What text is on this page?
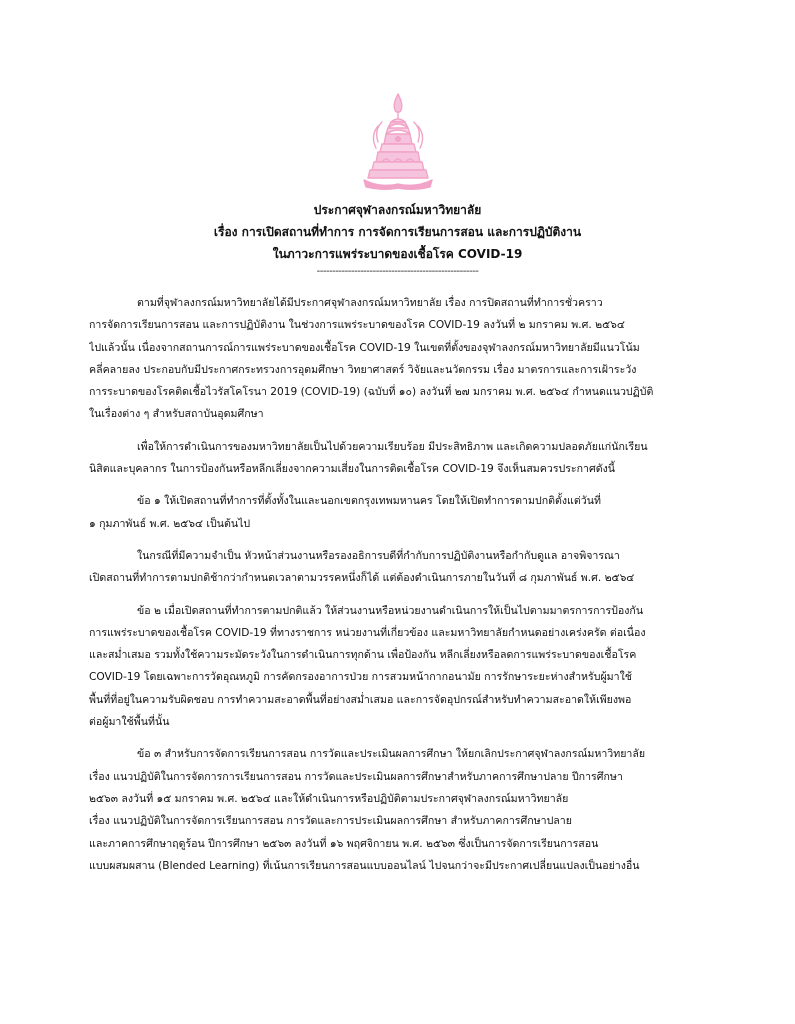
ประกาศจุฬาลงกรณ์มหาวิทยาลัย
เรื่อง การเปิดสถานที่ทำการ การจัดการเรียนการสอน และการปฏิบัติงาน
ในภาวะการแพร่ระบาดของเชื้อโรค COVID-19
----------------------------------------------------
ตามที่จุฬาลงกรณ์มหาวิทยาลัยได้มีประกาศจุฬาลงกรณ์มหาวิทยาลัย เรื่อง การปิดสถานที่ทำการชั่วคราว
การจัดการเรียนการสอน และการปฏิบัติงาน ในช่วงการแพร่ระบาดของโรค COVID-19 ลงวันที่ ๒ มกราคม พ.ศ. ๒๕๖๔
ไปแล้วนั้น เนื่องจากสถานการณ์การแพร่ระบาดของเชื้อโรค COVID-19 ในเขตที่ตั้งของจุฬาลงกรณ์มหาวิทยาลัยมีแนวโน้ม
คลี่คลายลง ประกอบกับมีประกาศกระทรวงการอุดมศึกษา วิทยาศาสตร์ วิจัยและนวัตกรรม เรื่อง มาตรการและการเฝ้าระวัง
การระบาดของโรคติดเชื้อไวรัสโคโรนา 2019 (COVID-19) (ฉบับที่ ๑๐) ลงวันที่ ๒๗ มกราคม พ.ศ. ๒๕๖๔ กำหนดแนวปฏิบัติ
ในเรื่องต่าง ๆ สำหรับสถาบันอุดมศึกษา
เพื่อให้การดำเนินการของมหาวิทยาลัยเป็นไปด้วยความเรียบร้อย มีประสิทธิภาพ และเกิดความปลอดภัยแก่นักเรียน
นิสิตและบุคลากร ในการป้องกันหรือหลีกเลี่ยงจากความเสี่ยงในการติดเชื้อโรค COVID-19 จึงเห็นสมควรประกาศดังนี้
ข้อ ๑ ให้เปิดสถานที่ทำการที่ตั้งทั้งในและนอกเขตกรุงเทพมหานคร โดยให้เปิดทำการตามปกติตั้งแต่วันที่
๑ กุมภาพันธ์ พ.ศ. ๒๕๖๔ เป็นต้นไป
ในกรณีที่มีความจำเป็น หัวหน้าส่วนงานหรือรองอธิการบดีที่กำกับการปฏิบัติงานหรือกำกับดูแล อาจพิจารณา
เปิดสถานที่ทำการตามปกติช้ากว่ากำหนดเวลาตามวรรคหนึ่งก็ได้ แต่ต้องดำเนินการภายในวันที่ ๘ กุมภาพันธ์ พ.ศ. ๒๕๖๔
ข้อ ๒ เมื่อเปิดสถานที่ทำการตามปกติแล้ว ให้ส่วนงานหรือหน่วยงานดำเนินการให้เป็นไปตามมาตรการการป้องกัน
การแพร่ระบาดของเชื้อโรค COVID-19 ที่ทางราชการ หน่วยงานที่เกี่ยวข้อง และมหาวิทยาลัยกำหนดอย่างเคร่งครัด ต่อเนื่อง
และสม่ำเสมอ รวมทั้งใช้ความระมัดระวังในการดำเนินการทุกด้าน เพื่อป้องกัน หลีกเลี่ยงหรือลดการแพร่ระบาดของเชื้อโรค
COVID-19 โดยเฉพาะการวัดอุณหภูมิ การคัดกรองอาการป่วย การสวมหน้ากากอนามัย การรักษาระยะห่างสำหรับผู้มาใช้
พื้นที่ที่อยู่ในความรับผิดชอบ การทำความสะอาดพื้นที่อย่างสม่ำเสมอ และการจัดอุปกรณ์สำหรับทำความสะอาดให้เพียงพอ
ต่อผู้มาใช้พื้นที่นั้น
ข้อ ๓ สำหรับการจัดการเรียนการสอน การวัดและประเมินผลการศึกษา ให้ยกเลิกประกาศจุฬาลงกรณ์มหาวิทยาลัย
เรื่อง แนวปฏิบัติในการจัดการการเรียนการสอน การวัดและประเมินผลการศึกษาสำหรับภาคการศึกษาปลาย ปีการศึกษา
๒๕๖๓ ลงวันที่ ๑๕ มกราคม พ.ศ. ๒๕๖๔ และให้ดำเนินการหรือปฏิบัติตามประกาศจุฬาลงกรณ์มหาวิทยาลัย
เรื่อง แนวปฏิบัติในการจัดการเรียนการสอน การวัดและการประเมินผลการศึกษา สำหรับภาคการศึกษาปลาย
และภาคการศึกษาฤดูร้อน ปีการศึกษา ๒๕๖๓ ลงวันที่ ๑๖ พฤศจิกายน พ.ศ. ๒๕๖๓ ซึ่งเป็นการจัดการเรียนการสอน
แบบผสมผสาน (Blended Learning) ที่เน้นการเรียนการสอนแบบออนไลน์ ไปจนกว่าจะมีประกาศเปลี่ยนแปลงเป็นอย่างอื่น
